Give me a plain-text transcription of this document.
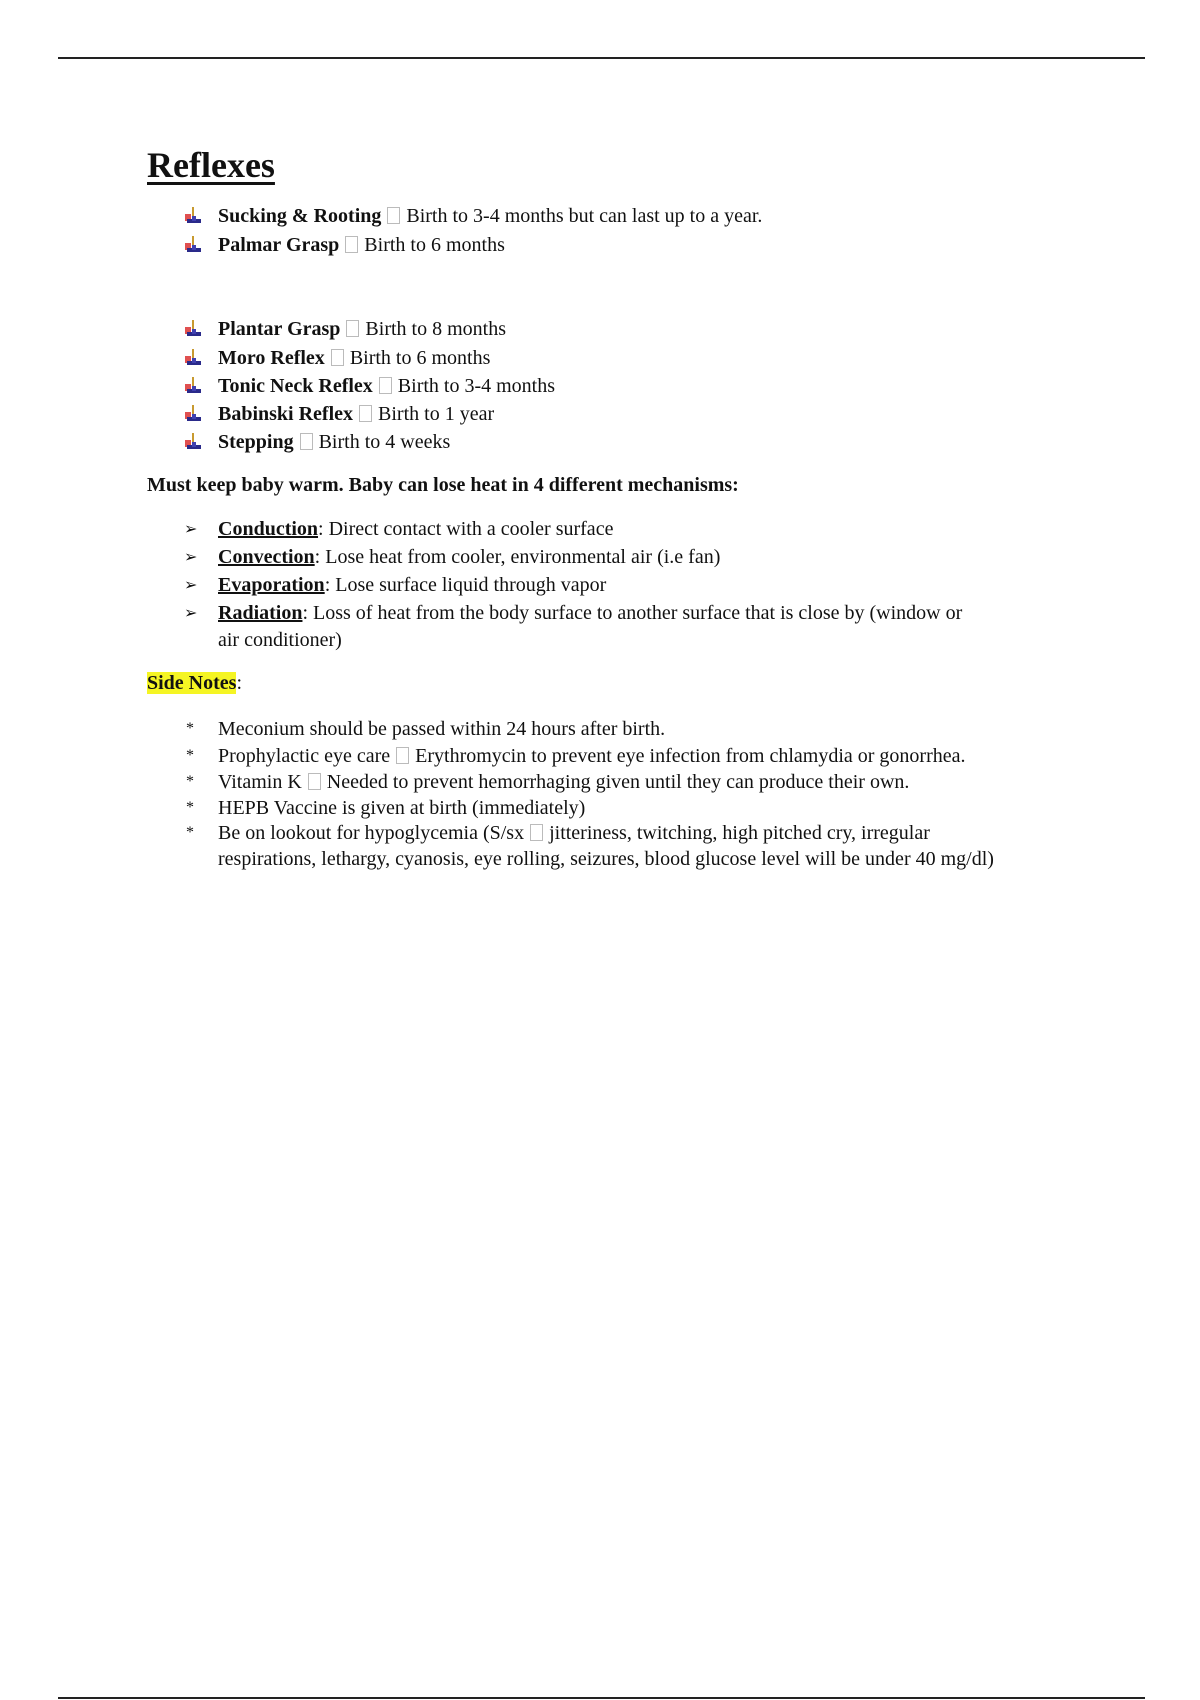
Reflexes
Sucking & Rooting Birth to 3-4 months but can last up to a year.
Palmar Grasp Birth to 6 months
Plantar Grasp Birth to 8 months
Moro Reflex Birth to 6 months
Tonic Neck Reflex Birth to 3-4 months
Babinski Reflex Birth to 1 year
Stepping Birth to 4 weeks
Must keep baby warm. Baby can lose heat in 4 different mechanisms:
➢ Conduction: Direct contact with a cooler surface
➢ Convection: Lose heat from cooler, environmental air (i.e fan)
➢ Evaporation: Lose surface liquid through vapor
➢ Radiation: Loss of heat from the body surface to another surface that is close by (window or
air conditioner)
Side Notes:
* Meconium should be passed within 24 hours after birth.
* Prophylactic eye care Erythromycin to prevent eye infection from chlamydia or gonorrhea.
* Vitamin K Needed to prevent hemorrhaging given until they can produce their own.
* HEPB Vaccine is given at birth (immediately)
* Be on lookout for hypoglycemia (S/sx jitteriness, twitching, high pitched cry, irregular
respirations, lethargy, cyanosis, eye rolling, seizures, blood glucose level will be under 40 mg/dl)
